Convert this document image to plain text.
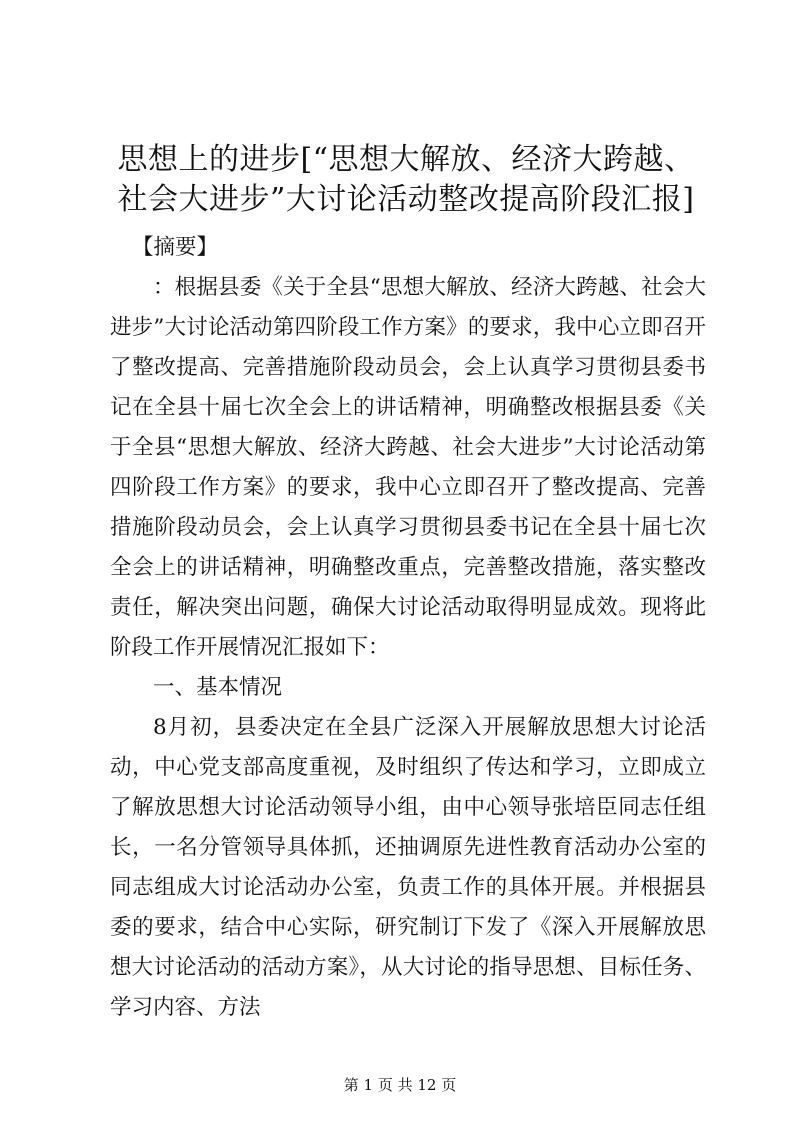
思想上的进步[“思想大解放、经济大跨越、
社会大进步”大讨论活动整改提高阶段汇报]

【摘要】

：根据县委《关于全县“思想大解放、经济大跨越、社会大进步”大讨论活动第四阶段工作方案》的要求，我中心立即召开了整改提高、完善措施阶段动员会，会上认真学习贯彻县委书记在全县十届七次全会上的讲话精神，明确整改根据县委《关于全县“思想大解放、经济大跨越、社会大进步”大讨论活动第四阶段工作方案》的要求，我中心立即召开了整改提高、完善措施阶段动员会，会上认真学习贯彻县委书记在全县十届七次全会上的讲话精神，明确整改重点，完善整改措施，落实整改责任，解决突出问题，确保大讨论活动取得明显成效。现将此阶段工作开展情况汇报如下：

一、基本情况

8月初，县委决定在全县广泛深入开展解放思想大讨论活动，中心党支部高度重视，及时组织了传达和学习，立即成立了解放思想大讨论活动领导小组，由中心领导张培臣同志任组长，一名分管领导具体抓，还抽调原先进性教育活动办公室的同志组成大讨论活动办公室，负责工作的具体开展。并根据县委的要求，结合中心实际，研究制订下发了《深入开展解放思想大讨论活动的活动方案》，从大讨论的指导思想、目标任务、学习内容、方法

第 1 页 共 12 页
